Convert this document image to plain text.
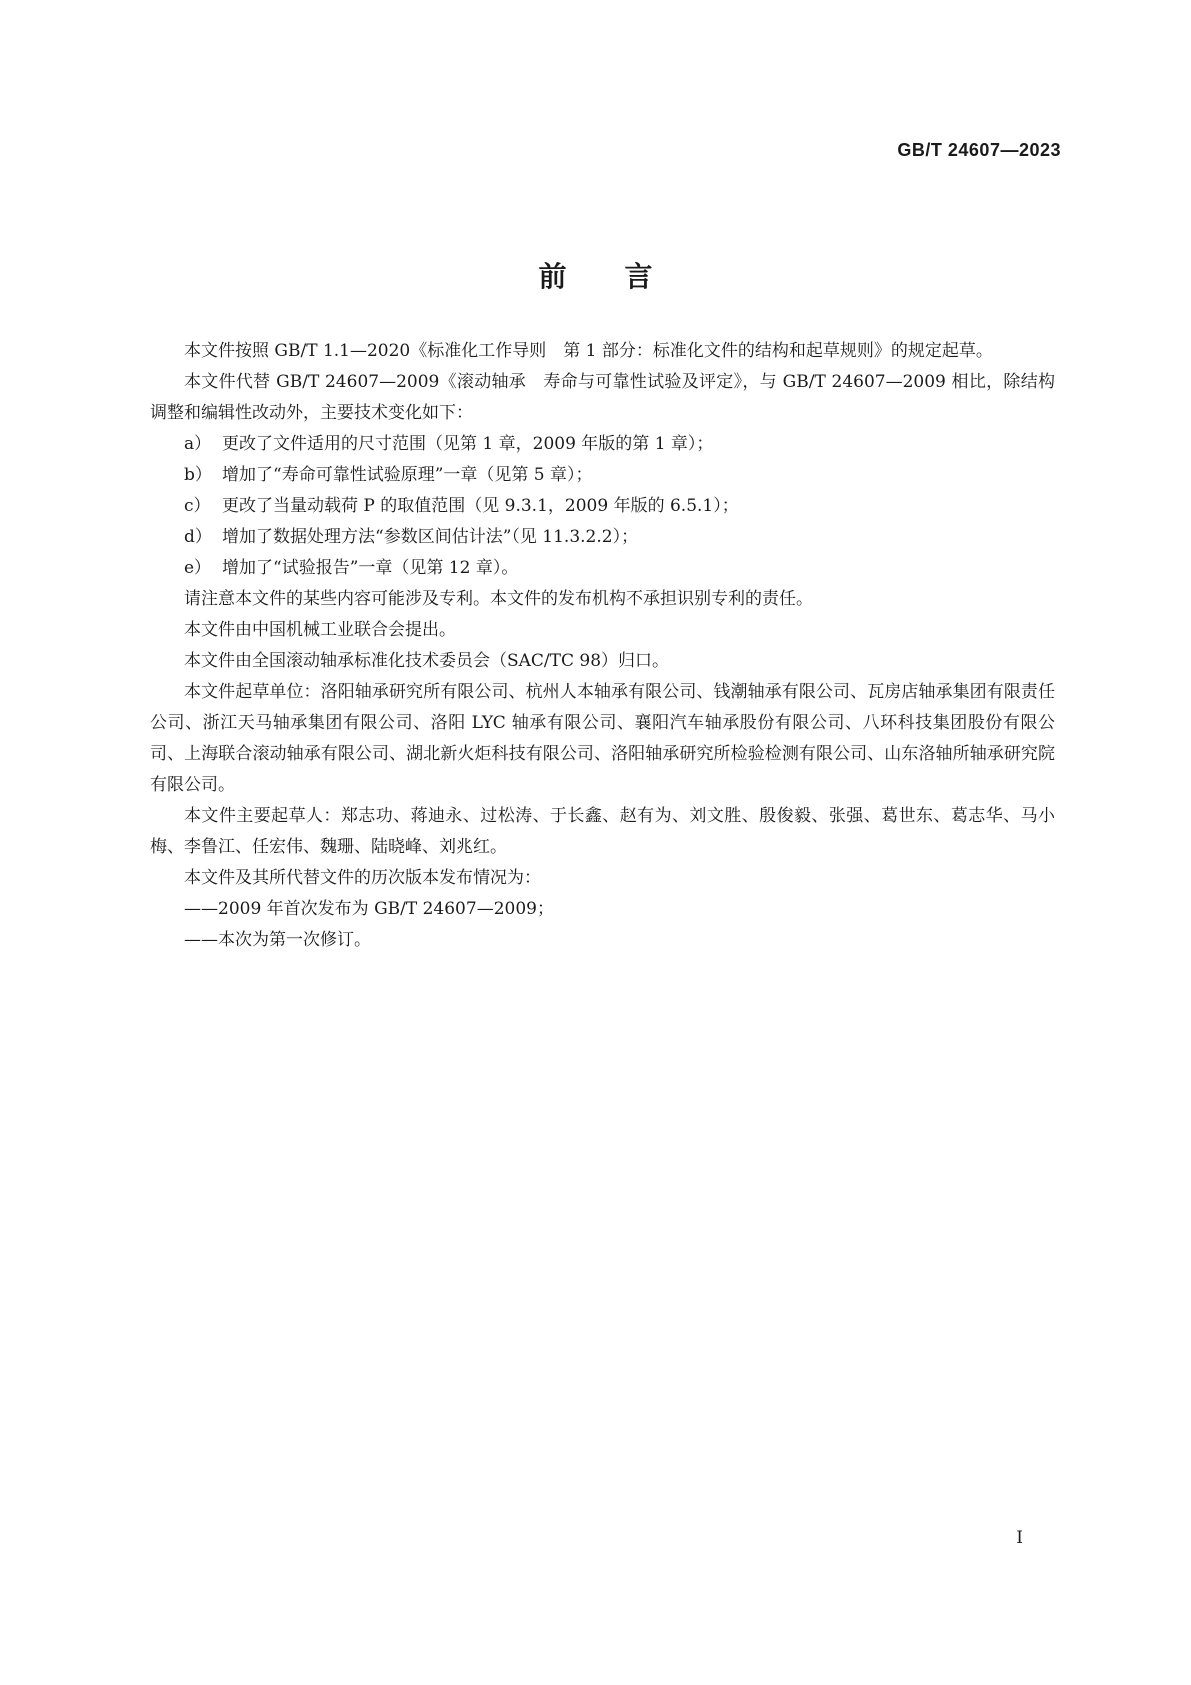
GB/T 24607—2023
前言

本文件按照 GB/T 1.1—2020《标准化工作导则　第 1 部分：标准化文件的结构和起草规则》的规定起草。

本文件代替 GB/T 24607—2009《滚动轴承　寿命与可靠性试验及评定》，与 GB/T 24607—2009 相比，除结构调整和编辑性改动外，主要技术变化如下：

a） 更改了文件适用的尺寸范围（见第 1 章，2009 年版的第 1 章）；

b） 增加了“寿命可靠性试验原理”一章（见第 5 章）；

c） 更改了当量动载荷 P 的取值范围（见 9.3.1，2009 年版的 6.5.1）；

d） 增加了数据处理方法“参数区间估计法”（见 11.3.2.2）；

e） 增加了“试验报告”一章（见第 12 章）。

请注意本文件的某些内容可能涉及专利。本文件的发布机构不承担识别专利的责任。

本文件由中国机械工业联合会提出。

本文件由全国滚动轴承标准化技术委员会（SAC/TC 98）归口。

本文件起草单位：洛阳轴承研究所有限公司、杭州人本轴承有限公司、钱潮轴承有限公司、瓦房店轴承集团有限责任公司、浙江天马轴承集团有限公司、洛阳 LYC 轴承有限公司、襄阳汽车轴承股份有限公司、八环科技集团股份有限公司、上海联合滚动轴承有限公司、湖北新火炬科技有限公司、洛阳轴承研究所检验检测有限公司、山东洛轴所轴承研究院有限公司。

本文件主要起草人：郑志功、蒋迪永、过松涛、于长鑫、赵有为、刘文胜、殷俊毅、张强、葛世东、葛志华、马小梅、李鲁江、任宏伟、魏珊、陆晓峰、刘兆红。

本文件及其所代替文件的历次版本发布情况为：

——2009 年首次发布为 GB/T 24607—2009；

——本次为第一次修订。

I
